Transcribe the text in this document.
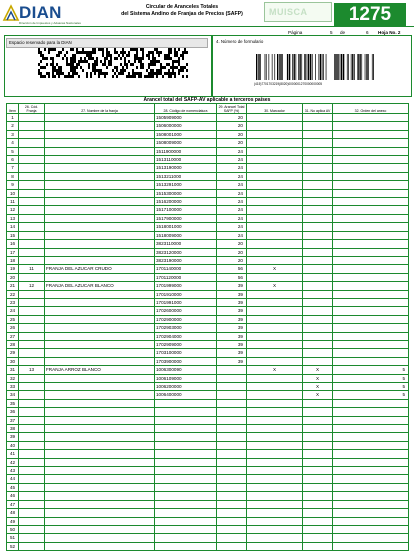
DIAN
Dirección de Impuestos y Aduanas Nacionales
Circular de Aranceles Totales
del Sistema Andino de Franjas de Precios (SAFP)	MUISCA	1275
Página	5 de	6 Hoja No. 2
Espacio reservado para la DIAN	4. Número de formulario
(415)7701703219(8020)0000001270000000005
Arancel total del SAFP-AV aplicable a terceros países
Item	26. Cód. Franja	27. Nombre de la franja	28. Código de nomenclatura	29. Arancel Total SAFP (%)	30. Marcador	31. No aplica AV	32. Orden del anexo
1			1505909000	20			
2			1506000000	20			
3			1508001000	20			
4			1508009000	20			
5			1511900000	24			
6			1513110000	24			
7			1513190000	24			
8			1513211000	24			
9			1513291000	24			
10			1515300000	24			
11			1516200000	24			
12			1517100000	24			
13			1517900000	24			
14			1518001000	24			
15			1518009000	24			
16			3823110000	20			
17			3823120000	20			
18			3823190000	20			
19	11	FRANJA DEL AZUCAR CRUDO	1701140000	56	X		
20			1701120000	56			
21	12	FRANJA DEL AZUCAR BLANCO	1701999000	39	X		
22			1701910000	39			
23			1701991000	39			
24			1702600000	39			
25			1702900000	39			
26			1702903000	39			
27			1702904000	39			
28			1702909000	39			
29			1703100000	39			
30			1703900000	39			
31	13	FRANJA ARROZ BLANCO	1006300090		X	X	5
32			1006109000			X	5
33			1006200000			X	5
34			1006400000			X	5
35							
36							
37							
38							
39							
40							
41							
42							
43							
44							
45							
46							
47							
48							
49							
50							
51							
52							
